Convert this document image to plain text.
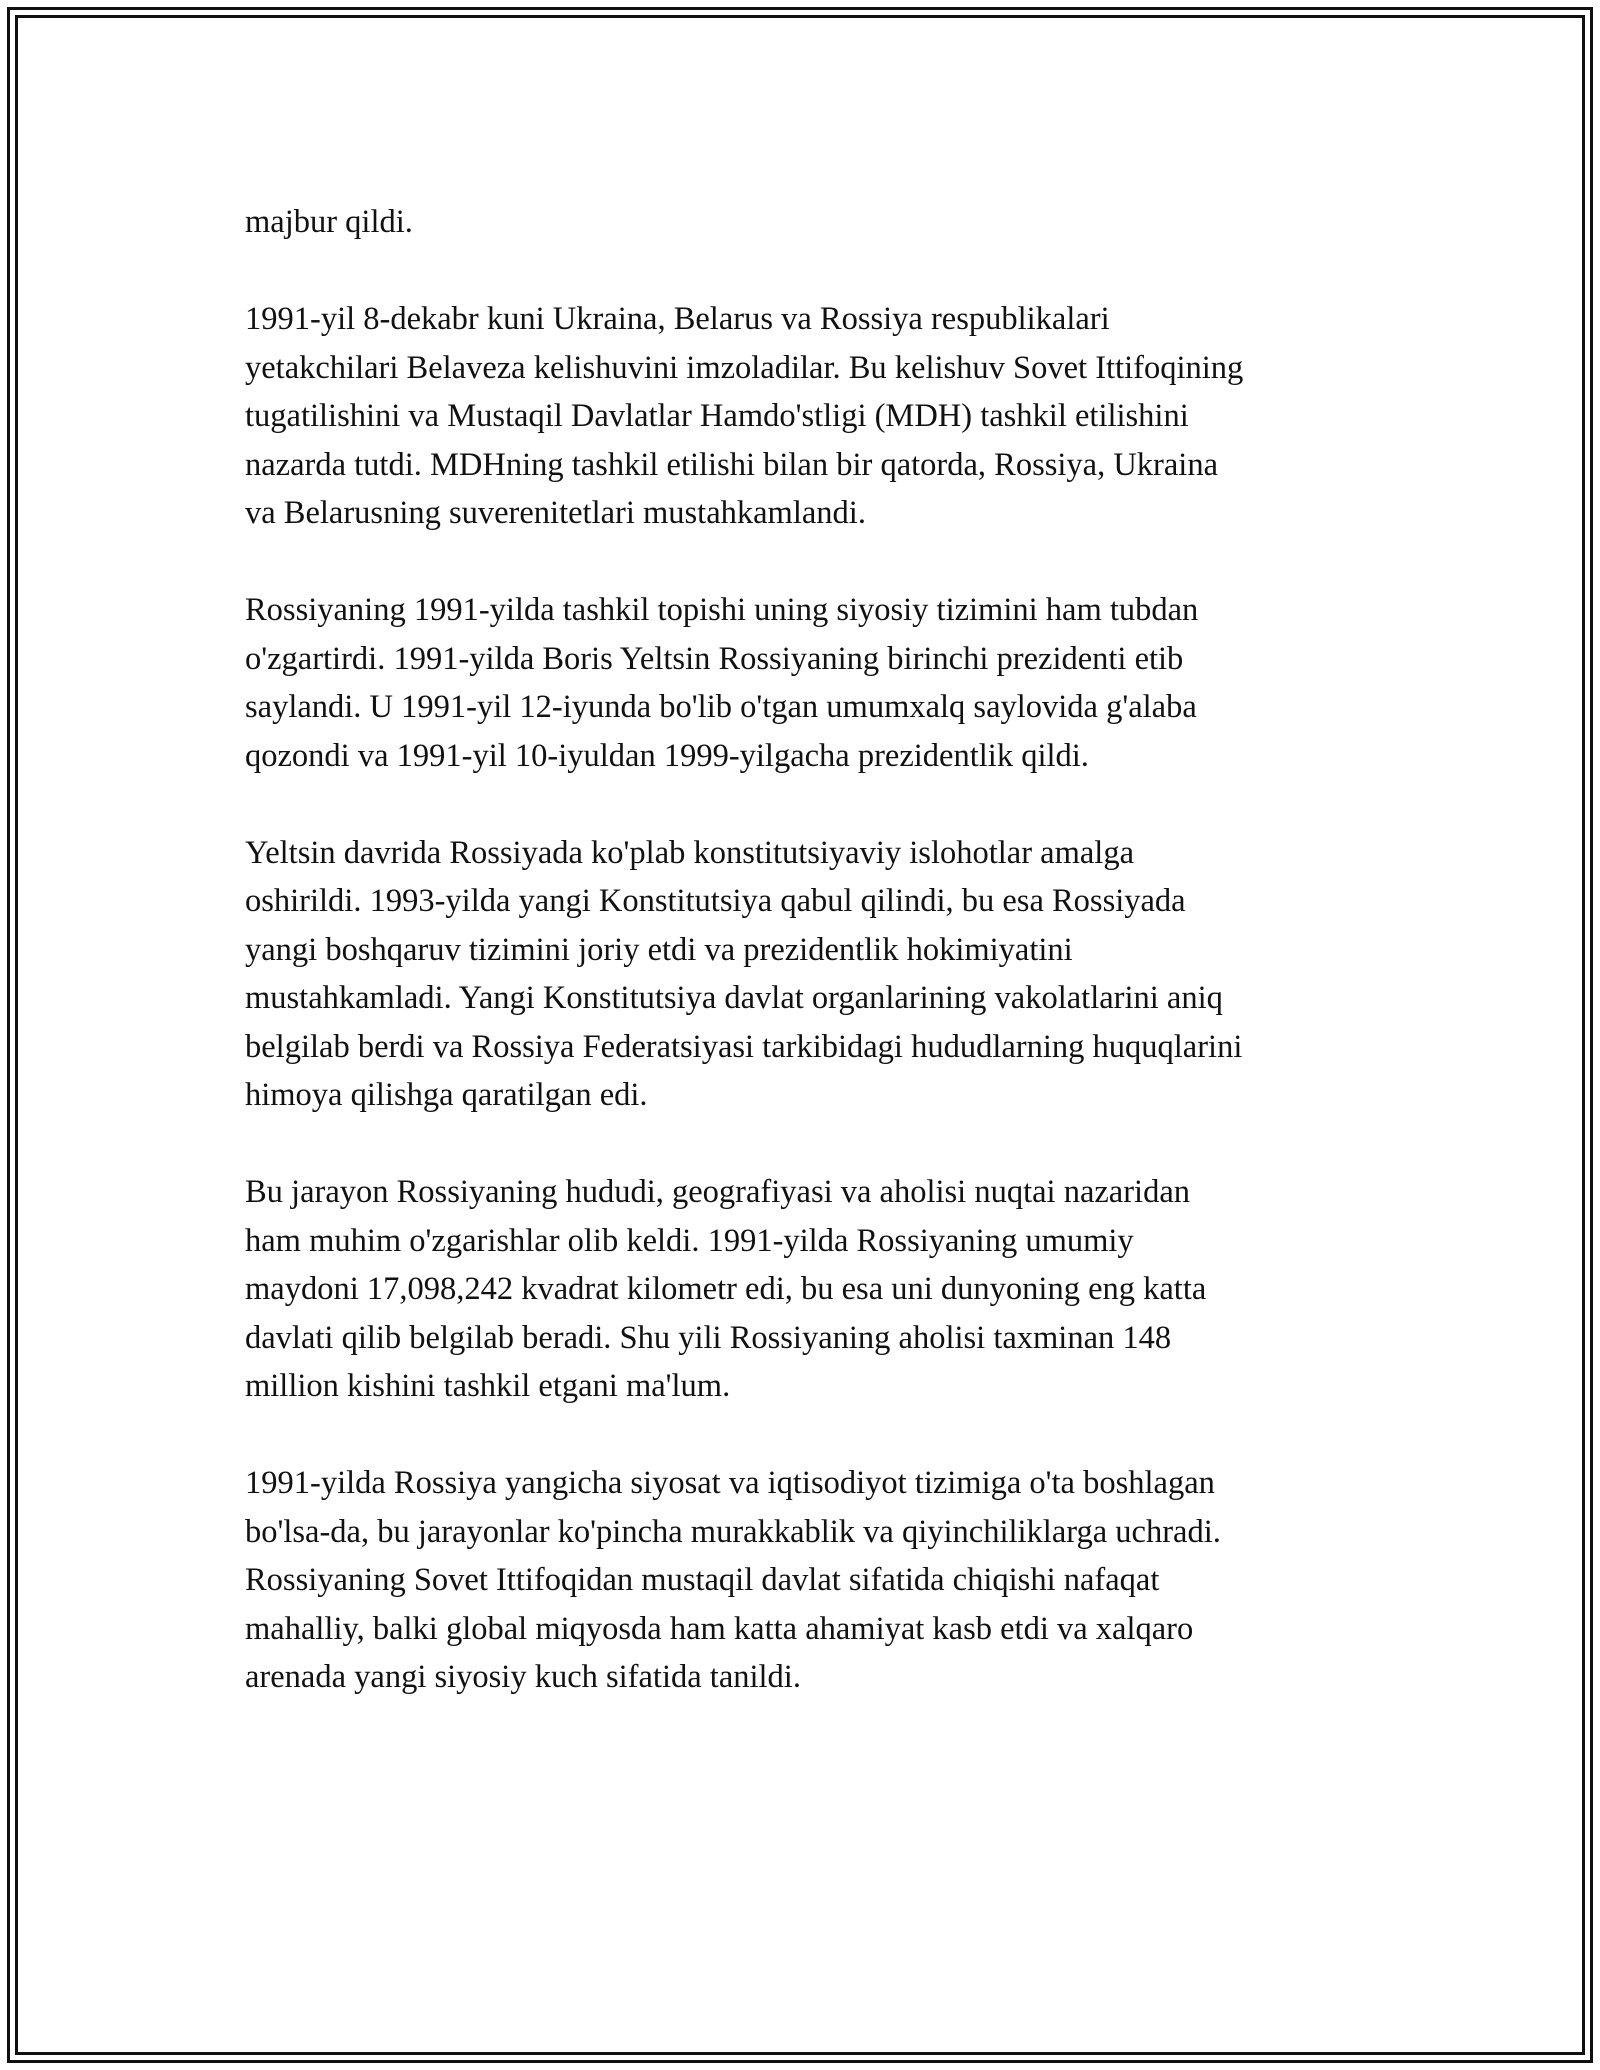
majbur qildi.

1991-yil 8-dekabr kuni Ukraina, Belarus va Rossiya respublikalari
yetakchilari Belaveza kelishuvini imzoladilar. Bu kelishuv Sovet Ittifoqining
tugatilishini va Mustaqil Davlatlar Hamdo'stligi (MDH) tashkil etilishini
nazarda tutdi. MDHning tashkil etilishi bilan bir qatorda, Rossiya, Ukraina
va Belarusning suverenitetlari mustahkamlandi.

Rossiyaning 1991-yilda tashkil topishi uning siyosiy tizimini ham tubdan
o'zgartirdi. 1991-yilda Boris Yeltsin Rossiyaning birinchi prezidenti etib
saylandi. U 1991-yil 12-iyunda bo'lib o'tgan umumxalq saylovida g'alaba
qozondi va 1991-yil 10-iyuldan 1999-yilgacha prezidentlik qildi.

Yeltsin davrida Rossiyada ko'plab konstitutsiyaviy islohotlar amalga
oshirildi. 1993-yilda yangi Konstitutsiya qabul qilindi, bu esa Rossiyada
yangi boshqaruv tizimini joriy etdi va prezidentlik hokimiyatini
mustahkamladi. Yangi Konstitutsiya davlat organlarining vakolatlarini aniq
belgilab berdi va Rossiya Federatsiyasi tarkibidagi hududlarning huquqlarini
himoya qilishga qaratilgan edi.

Bu jarayon Rossiyaning hududi, geografiyasi va aholisi nuqtai nazaridan
ham muhim o'zgarishlar olib keldi. 1991-yilda Rossiyaning umumiy
maydoni 17,098,242 kvadrat kilometr edi, bu esa uni dunyoning eng katta
davlati qilib belgilab beradi. Shu yili Rossiyaning aholisi taxminan 148
million kishini tashkil etgani ma'lum.

1991-yilda Rossiya yangicha siyosat va iqtisodiyot tizimiga o'ta boshlagan
bo'lsa-da, bu jarayonlar ko'pincha murakkablik va qiyinchiliklarga uchradi.
Rossiyaning Sovet Ittifoqidan mustaqil davlat sifatida chiqishi nafaqat
mahalliy, balki global miqyosda ham katta ahamiyat kasb etdi va xalqaro
arenada yangi siyosiy kuch sifatida tanildi.
